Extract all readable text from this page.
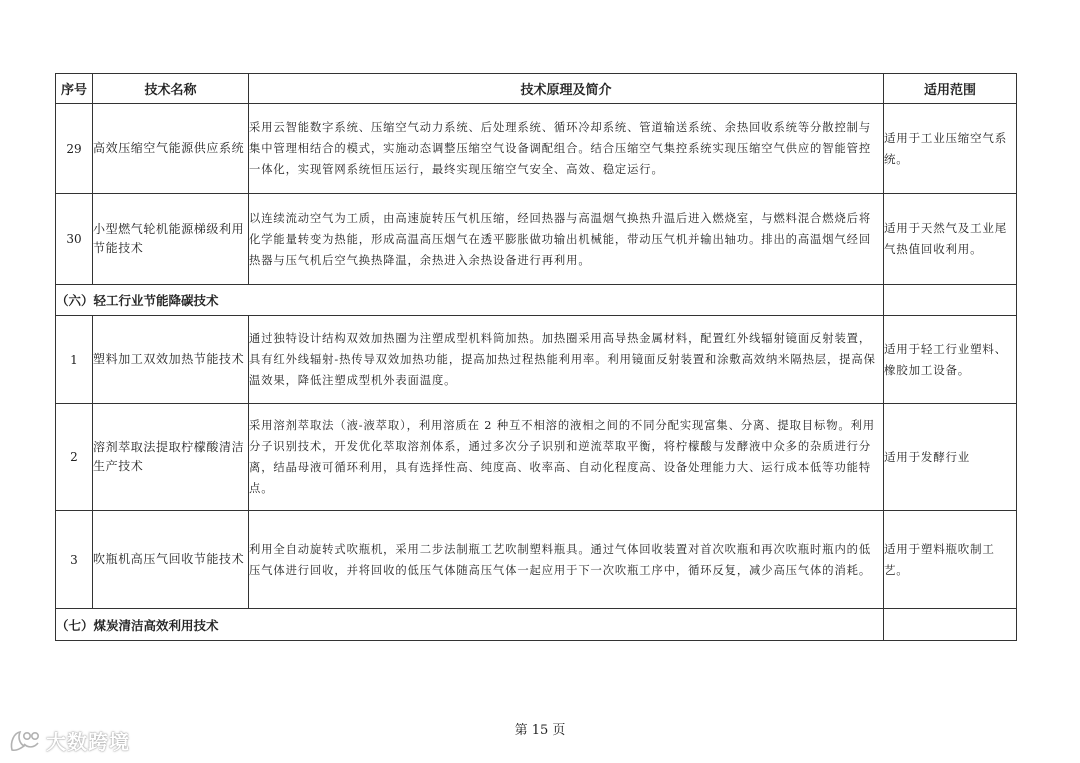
序号	技术名称	技术原理及简介	适用范围
29	高效压缩空气能源供应系统	采用云智能数字系统、压缩空气动力系统、后处理系统、循环冷却系统、管道输送系统、余热回收系统等分散控制与集中管理相结合的模式，实施动态调整压缩空气设备调配组合。结合压缩空气集控系统实现压缩空气供应的智能管控一体化，实现管网系统恒压运行，最终实现压缩空气安全、高效、稳定运行。	适用于工业压缩空气系统。
30	小型燃气轮机能源梯级利用节能技术	以连续流动空气为工质，由高速旋转压气机压缩，经回热器与高温烟气换热升温后进入燃烧室，与燃料混合燃烧后将化学能量转变为热能，形成高温高压烟气在透平膨胀做功输出机械能，带动压气机并输出轴功。排出的高温烟气经回热器与压气机后空气换热降温，余热进入余热设备进行再利用。	适用于天然气及工业尾气热值回收利用。
（六）轻工行业节能降碳技术			
1	塑料加工双效加热节能技术	通过独特设计结构双效加热圈为注塑成型机料筒加热。加热圈采用高导热金属材料，配置红外线辐射镜面反射装置，具有红外线辐射-热传导双效加热功能，提高加热过程热能利用率。利用镜面反射装置和涂敷高效纳米隔热层，提高保温效果，降低注塑成型机外表面温度。	适用于轻工行业塑料、橡胶加工设备。
2	溶剂萃取法提取柠檬酸清洁生产技术	采用溶剂萃取法（液-液萃取），利用溶质在 2 种互不相溶的液相之间的不同分配实现富集、分离、提取目标物。利用分子识别技术，开发优化萃取溶剂体系，通过多次分子识别和逆流萃取平衡，将柠檬酸与发酵液中众多的杂质进行分离，结晶母液可循环利用，具有选择性高、纯度高、收率高、自动化程度高、设备处理能力大、运行成本低等功能特点。	适用于发酵行业
3	吹瓶机高压气回收节能技术	利用全自动旋转式吹瓶机，采用二步法制瓶工艺吹制塑料瓶具。通过气体回收装置对首次吹瓶和再次吹瓶时瓶内的低压气体进行回收，并将回收的低压气体随高压气体一起应用于下一次吹瓶工序中，循环反复，减少高压气体的消耗。	适用于塑料瓶吹制工艺。
（七）煤炭清洁高效利用技术			
第 15 页
大数跨境
